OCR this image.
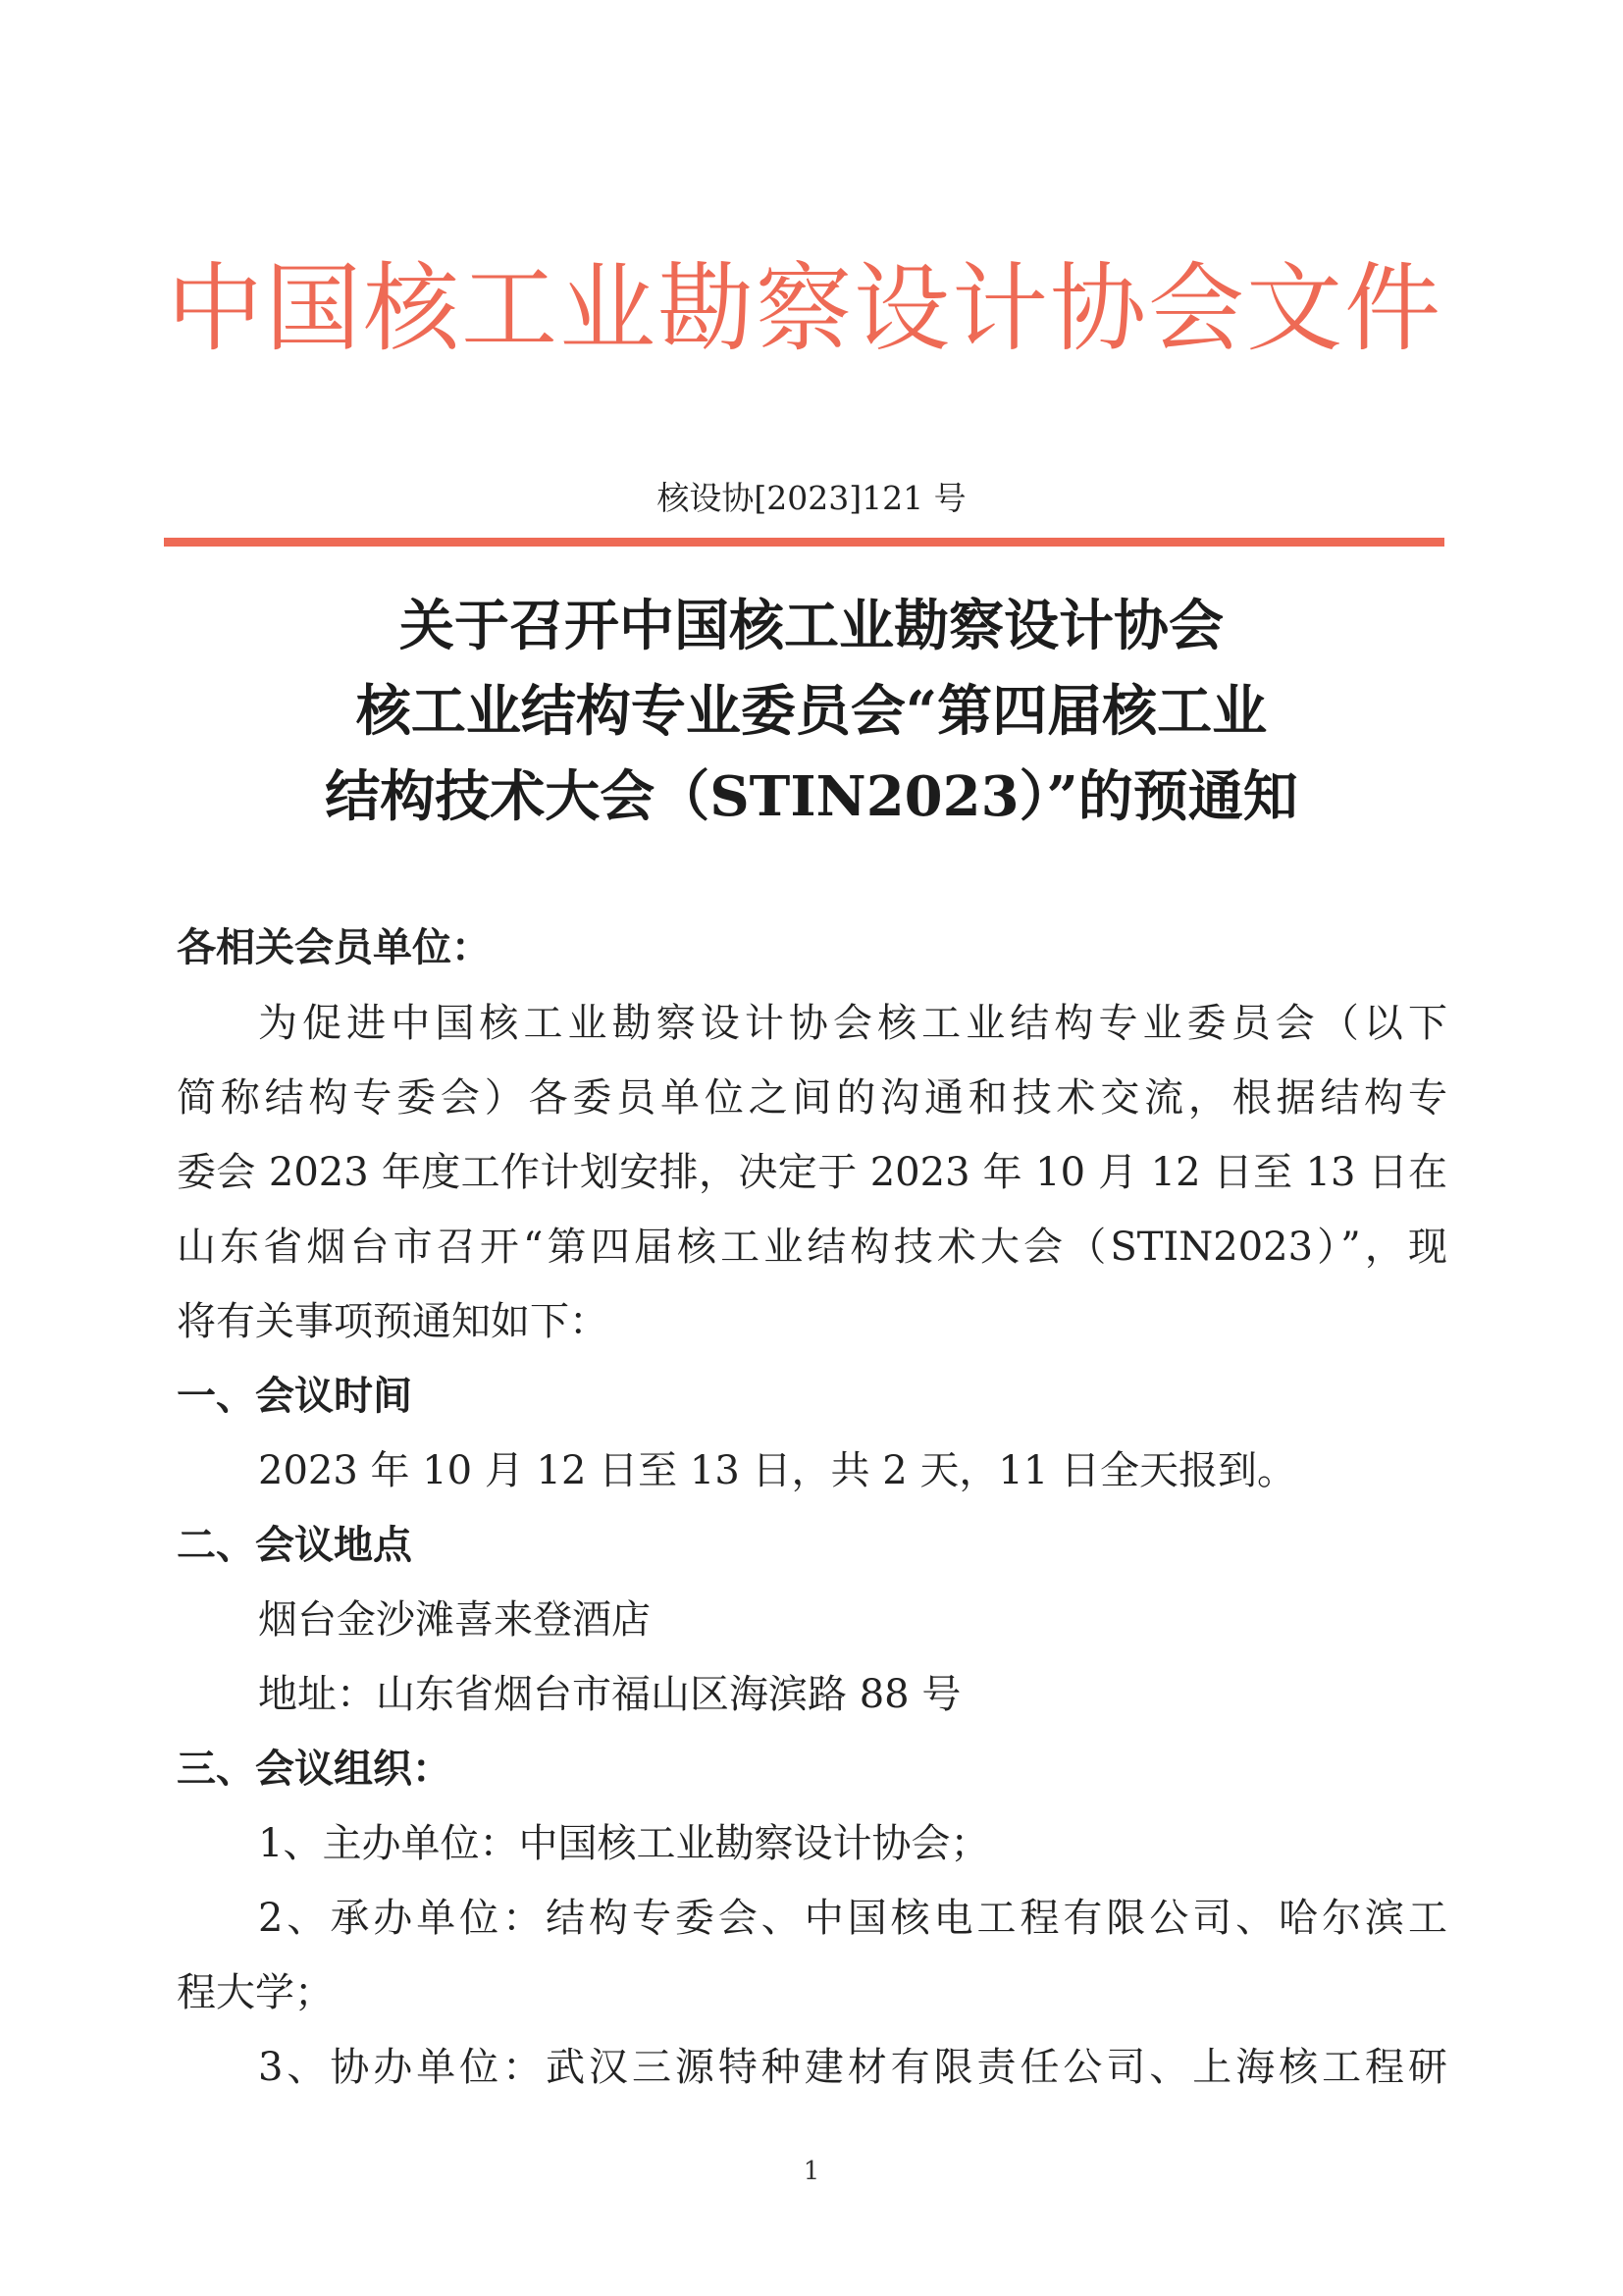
中国核工业勘察设计协会文件
核设协[2023]121 号
关于召开中国核工业勘察设计协会
核工业结构专业委员会“第四届核工业
结构技术大会（STIN2023）”的预通知
各相关会员单位：
为促进中国核工业勘察设计协会核工业结构专业委员会（以下
简称结构专委会）各委员单位之间的沟通和技术交流，根据结构专
委会 2023 年度工作计划安排，决定于 2023 年 10 月 12 日至 13 日在
山东省烟台市召开“第四届核工业结构技术大会（STIN2023）”，现
将有关事项预通知如下：
一、会议时间
2023 年 10 月 12 日至 13 日，共 2 天，11 日全天报到。
二、会议地点
烟台金沙滩喜来登酒店
地址：山东省烟台市福山区海滨路 88 号
三、会议组织：
1、主办单位：中国核工业勘察设计协会；
2、承办单位：结构专委会、中国核电工程有限公司、哈尔滨工
程大学；
3、协办单位：武汉三源特种建材有限责任公司、上海核工程研
1
